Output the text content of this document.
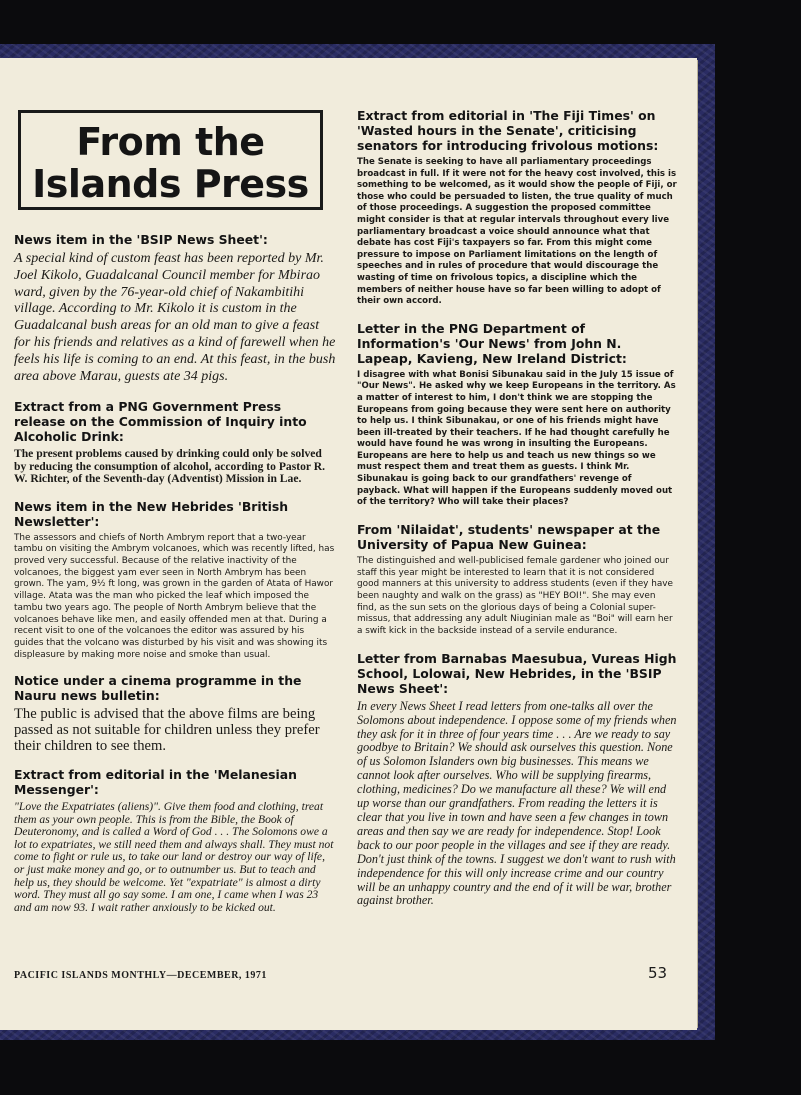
From the
Islands Press
News item in the 'BSIP News Sheet':

A special kind of custom feast has been reported by Mr. Joel Kikolo, Guadalcanal Council member for Mbirao ward, given by the 76-year-old chief of Nakambitihi village. According to Mr. Kikolo it is custom in the Guadalcanal bush areas for an old man to give a feast for his friends and relatives as a kind of farewell when he feels his life is coming to an end. At this feast, in the bush area above Marau, guests ate 34 pigs.

Extract from a PNG Government Press release on the Commission of Inquiry into Alcoholic Drink:

The present problems caused by drinking could only be solved by reducing the consumption of alcohol, according to Pastor R. W. Richter, of the Seventh-day (Adventist) Mission in Lae.

News item in the New Hebrides 'British Newsletter':

The assessors and chiefs of North Ambrym report that a two-year tambu on visiting the Ambrym volcanoes, which was recently lifted, has proved very successful. Because of the relative inactivity of the volcanoes, the biggest yam ever seen in North Ambrym has been grown. The yam, 9½ ft long, was grown in the garden of Atata of Hawor village. Atata was the man who picked the leaf which imposed the tambu two years ago. The people of North Ambrym believe that the volcanoes behave like men, and easily offended men at that. During a recent visit to one of the volcanoes the editor was assured by his guides that the volcano was disturbed by his visit and was showing its displeasure by making more noise and smoke than usual.

Notice under a cinema programme in the Nauru news bulletin:

The public is advised that the above films are being passed as not suitable for children unless they prefer their children to see them.

Extract from editorial in the 'Melanesian Messenger':

"Love the Expatriates (aliens)". Give them food and clothing, treat them as your own people. This is from the Bible, the Book of Deuteronomy, and is called a Word of God . . . The Solomons owe a lot to expatriates, we still need them and always shall. They must not come to fight or rule us, to take our land or destroy our way of life, or just make money and go, or to outnumber us. But to teach and help us, they should be welcome. Yet "expatriate" is almost a dirty word. They must all go say some. I am one, I came when I was 23 and am now 93. I wait rather anxiously to be kicked out.

Extract from editorial in 'The Fiji Times' on 'Wasted hours in the Senate', criticising senators for introducing frivolous motions:

The Senate is seeking to have all parliamentary proceedings broadcast in full. If it were not for the heavy cost involved, this is something to be welcomed, as it would show the people of Fiji, or those who could be persuaded to listen, the true quality of much of those proceedings. A suggestion the proposed committee might consider is that at regular intervals throughout every live parliamentary broadcast a voice should announce what that debate has cost Fiji's taxpayers so far. From this might come pressure to impose on Parliament limitations on the length of speeches and in rules of procedure that would discourage the wasting of time on frivolous topics, a discipline which the members of neither house have so far been willing to adopt of their own accord.

Letter in the PNG Department of Information's 'Our News' from John N. Lapeap, Kavieng, New Ireland District:

I disagree with what Bonisi Sibunakau said in the July 15 issue of "Our News". He asked why we keep Europeans in the territory. As a matter of interest to him, I don't think we are stopping the Europeans from going because they were sent here on authority to help us. I think Sibunakau, or one of his friends might have been ill-treated by their teachers. If he had thought carefully he would have found he was wrong in insulting the Europeans. Europeans are here to help us and teach us new things so we must respect them and treat them as guests. I think Mr. Sibunakau is going back to our grandfathers' revenge of payback. What will happen if the Europeans suddenly moved out of the territory? Who will take their places?

From 'Nilaidat', students' newspaper at the University of Papua New Guinea:

The distinguished and well-publicised female gardener who joined our staff this year might be interested to learn that it is not considered good manners at this university to address students (even if they have been naughty and walk on the grass) as "HEY BOI!". She may even find, as the sun sets on the glorious days of being a Colonial super-missus, that addressing any adult Niuginian male as "Boi" will earn her a swift kick in the backside instead of a servile endurance.

Letter from Barnabas Maesubua, Vureas High School, Lolowai, New Hebrides, in the 'BSIP News Sheet':

In every News Sheet I read letters from one-talks all over the Solomons about independence. I oppose some of my friends when they ask for it in three of four years time . . . Are we ready to say goodbye to Britain? We should ask ourselves this question. None of us Solomon Islanders own big businesses. This means we cannot look after ourselves. Who will be supplying firearms, clothing, medicines? Do we manufacture all these? We will end up worse than our grandfathers. From reading the letters it is clear that you live in town and have seen a few changes in town areas and then say we are ready for independence. Stop! Look back to our poor people in the villages and see if they are ready. Don't just think of the towns. I suggest we don't want to rush with independence for this will only increase crime and our country will be an unhappy country and the end of it will be war, brother against brother.

PACIFIC ISLANDS MONTHLY—DECEMBER, 1971	53
